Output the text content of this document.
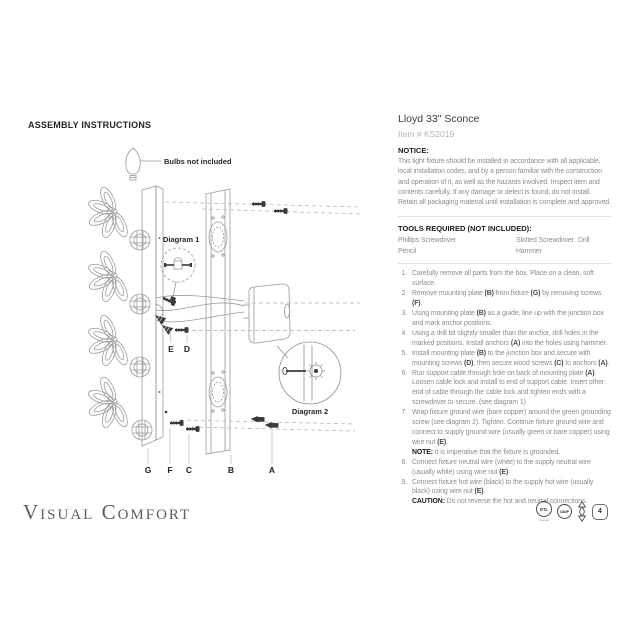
ASSEMBLY INSTRUCTIONS
Bulbs not included
Diagram 1
Diagram 2
E D
G F C	B	A
Visual Comfort
Lloyd 33" Sconce
Item # KS2019
NOTICE:
This light fixture should be installed in accordance with all applicable, local installation codes, and by a person familiar with the construction and operation of it, as well as the hazards involved. Inspect item and contents carefully. If any damage or defect is found, do not install. Retain all packaging material until installation is complete and approved.
TOOLS REQUIRED (NOT INCLUDED):
Phillips Screwdriver	Slotted Screwdriver Drill
Pencil	Hammer
1. Carefully remove all parts from the box. Place on a clean, soft surface.
2. Remove mounting plate (B) from fixture (G) by removing screws (F).
3. Using mounting plate (B) as a guide, line up with the junction box and mark anchor positions.
4. Using a drill bit slightly smaller than the anchor, drill holes in the marked positions. Install anchors (A) into the holes using hammer.
5. Install mounting plate (B) to the junction box and secure with mounting screws (D), then secure wood screws (C) to anchors (A).
6. Run support cable through hole on back of mounting plate (A). Loosen cable lock and install to end of support cable. Insert other end of cable through the cable lock and tighten ends with a screwdriver to secure. (see diagram 1)
7. Wrap fixture ground wire (bare copper) around the green grounding screw (see diagram 2). Tighten. Continue fixture ground wire and connect to supply ground wire (usually green or bare copper) using wire nut (E).
NOTE: It is imperative that the fixture is grounded.
8. Connect fixture neutral wire (white) to the supply neutral wire (usually white) using wire nut (E).
9. Connect fixture hot wire (black) to the supply hot wire (usually black) using wire nut (E).
CAUTION: Do not reverse the hot and neutral connections.
ETL
Intertek
DAMP	4
